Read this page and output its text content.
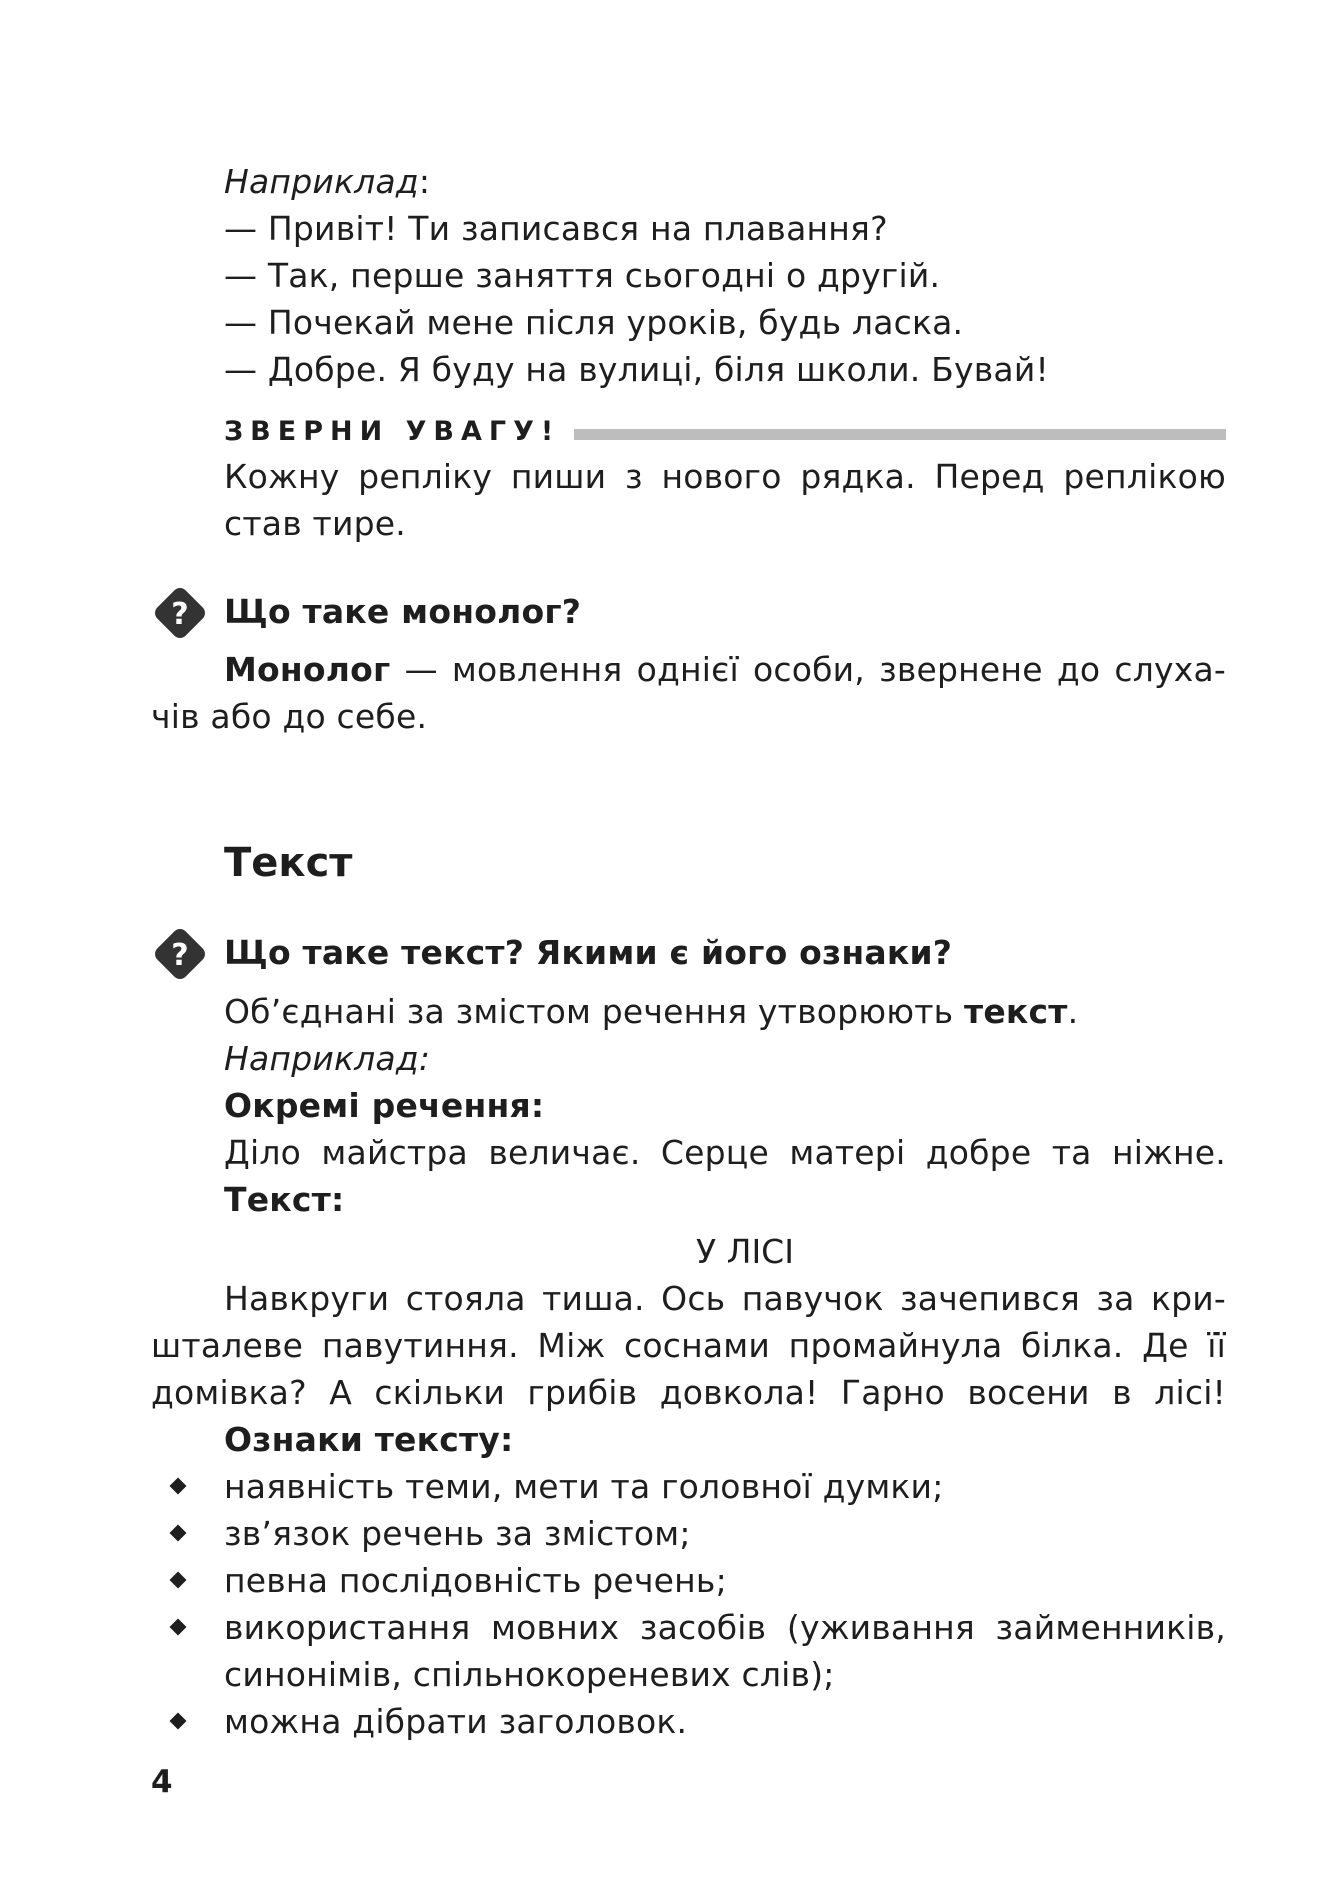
Наприклад:
— Привіт! Ти записався на плавання?
— Так, перше заняття сьогодні о другій.
— Почекай мене після уроків, будь ласка.
— Добре. Я буду на вулиці, біля школи. Бувай!
ЗВЕРНИ УВАГУ!
Кожну репліку пиши з нового рядка. Перед реплікою
став тире.
? Що таке монолог?
Монолог — мовлення однієї особи, звернене до слуха-
чів або до себе.
Текст
? Що таке текст? Якими є його ознаки?
Об’єднані за змістом речення утворюють текст.
Наприклад:
Окремі речення:
Діло майстра величає. Серце матері добре та ніжне.
Текст:
У ЛІСІ
Навкруги стояла тиша. Ось павучок зачепився за кри-
шталеве павутиння. Між соснами промайнула білка. Де її
домівка? А скільки грибів довкола! Гарно восени в лісі!
Ознаки тексту:
наявність теми, мети та головної думки;
зв’язок речень за змістом;
певна послідовність речень;
використання мовних засобів (уживання займенників,
синонімів, спільнокореневих слів);
можна дібрати заголовок.
4
